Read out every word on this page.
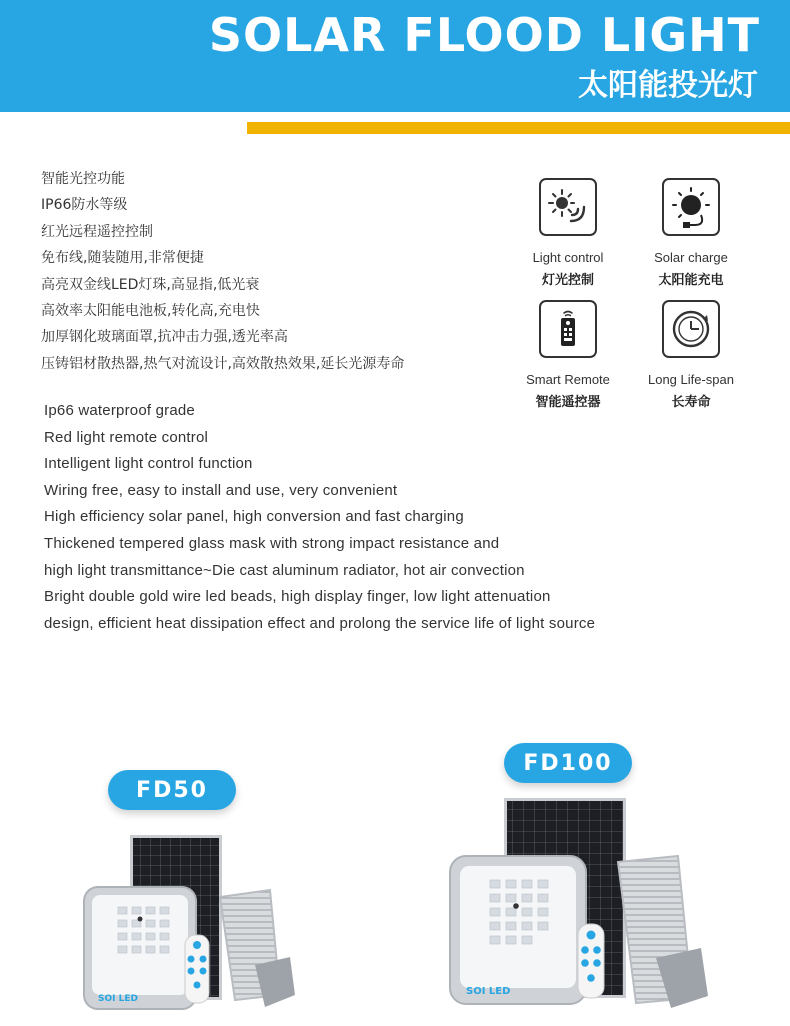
SOLAR FLOOD LIGHT
太阳能投光灯
智能光控功能
IP66防水等级
红光远程遥控控制
免布线,随装随用,非常便捷
高亮双金线LED灯珠,高显指,低光衰
高效率太阳能电池板,转化高,充电快
加厚钢化玻璃面罩,抗冲击力强,透光率高
压铸铝材散热器,热气对流设计,高效散热效果,延长光源寿命
Ip66 waterproof grade
Red light remote control
Intelligent light control function
Wiring free, easy to install and use, very convenient
High efficiency solar panel, high conversion and fast charging
Thickened tempered glass mask with strong impact resistance and
high light transmittance~Die cast aluminum radiator, hot air convection
Bright double gold wire led beads, high display finger, low light attenuation
design, efficient heat dissipation effect and prolong the service life of light source
Light control
灯光控制
Solar charge
太阳能充电
Smart Remote
智能遥控器
Long Life-span
长寿命
FD50
FD100
SOI LED
SOI LED
